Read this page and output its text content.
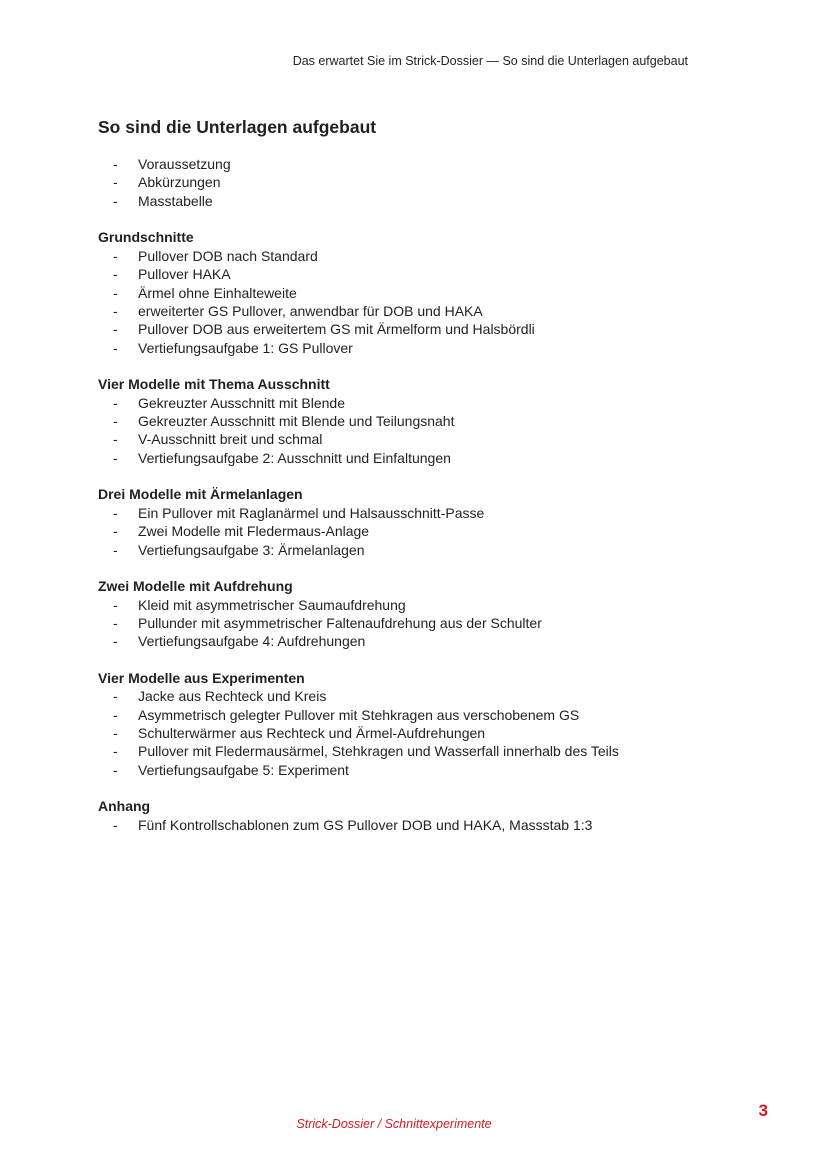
Das erwartet Sie im Strick-Dossier — So sind die Unterlagen aufgebaut
So sind die Unterlagen aufgebaut
- Voraussetzung
- Abkürzungen
- Masstabelle
Grundschnitte
- Pullover DOB nach Standard
- Pullover HAKA
- Ärmel ohne Einhalteweite
- erweiterter GS Pullover, anwendbar für DOB und HAKA
- Pullover DOB aus erweitertem GS mit Ärmelform und Halsbördli
- Vertiefungsaufgabe 1: GS Pullover
Vier Modelle mit Thema Ausschnitt
- Gekreuzter Ausschnitt mit Blende
- Gekreuzter Ausschnitt mit Blende und Teilungsnaht
- V-Ausschnitt breit und schmal
- Vertiefungsaufgabe 2: Ausschnitt und Einfaltungen
Drei Modelle mit Ärmelanlagen
- Ein Pullover mit Raglanärmel und Halsausschnitt-Passe
- Zwei Modelle mit Fledermaus-Anlage
- Vertiefungsaufgabe 3: Ärmelanlagen
Zwei Modelle mit Aufdrehung
- Kleid mit asymmetrischer Saumaufdrehung
- Pullunder mit asymmetrischer Faltenaufdrehung aus der Schulter
- Vertiefungsaufgabe 4: Aufdrehungen
Vier Modelle aus Experimenten
- Jacke aus Rechteck und Kreis
- Asymmetrisch gelegter Pullover mit Stehkragen aus verschobenem GS
- Schulterwärmer aus Rechteck und Ärmel-Aufdrehungen
- Pullover mit Fledermausärmel, Stehkragen und Wasserfall innerhalb des Teils
- Vertiefungsaufgabe 5: Experiment
Anhang
- Fünf Kontrollschablonen zum GS Pullover DOB und HAKA, Massstab 1:3
Strick-Dossier / Schnittexperimente
3
